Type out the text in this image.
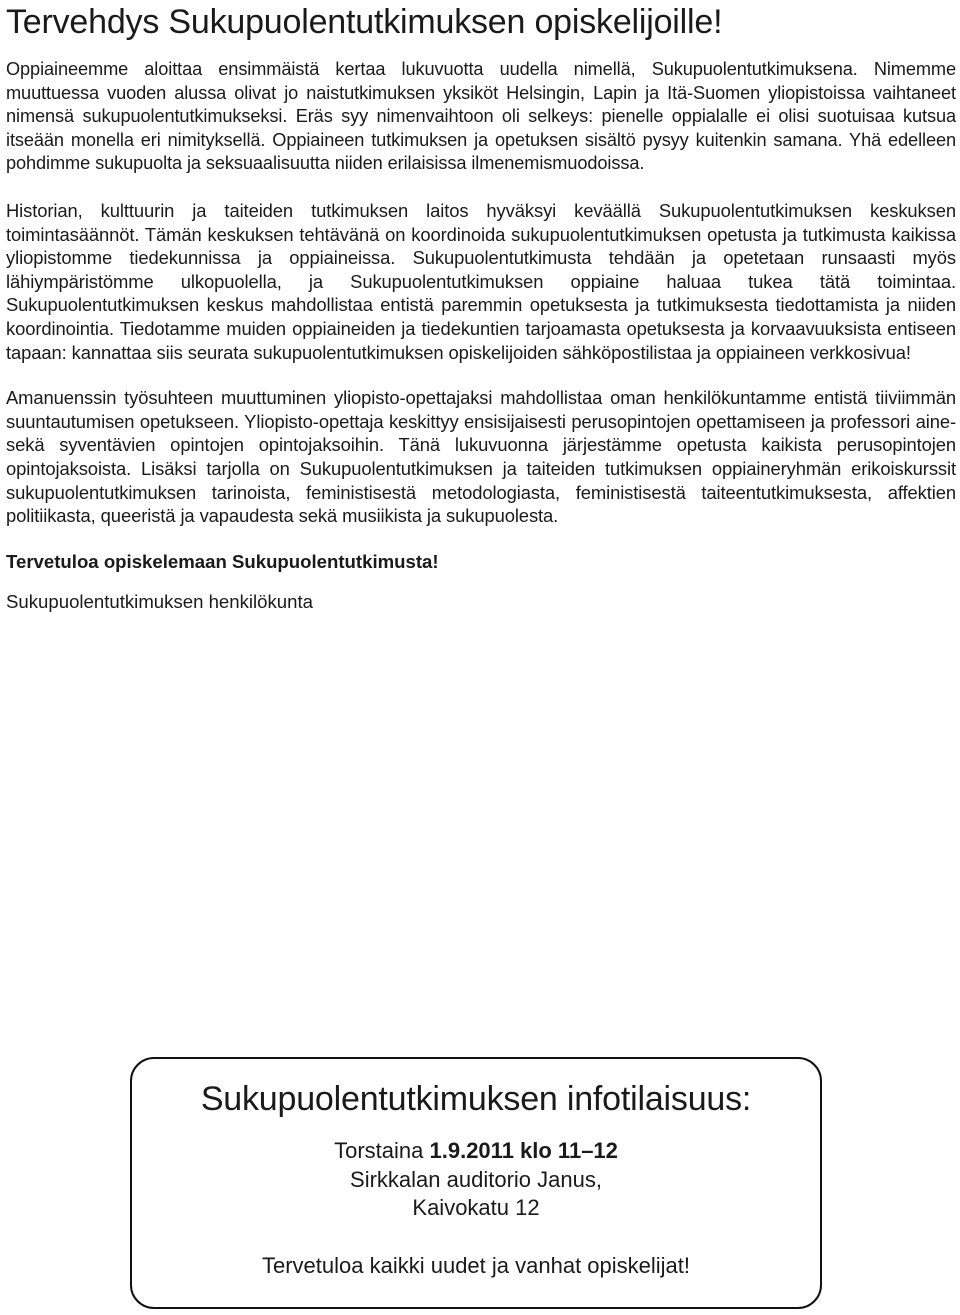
Tervehdys Sukupuolentutkimuksen opiskelijoille!

Oppiaineemme aloittaa ensimmäistä kertaa lukuvuotta uudella nimellä, Sukupuolentutkimuksena. Nimemme muuttuessa vuoden alussa olivat jo naistutkimuksen yksiköt Helsingin, Lapin ja Itä-Suomen yliopistoissa vaihtaneet nimensä sukupuolentutkimukseksi. Eräs syy nimenvaihtoon oli selkeys: pienelle oppialalle ei olisi suotuisaa kutsua itseään monella eri nimityksellä. Oppiaineen tutkimuksen ja opetuksen sisältö pysyy kuitenkin samana. Yhä edelleen pohdimme sukupuolta ja seksuaalisuutta niiden erilaisissa ilmenemismuodoissa.

Historian, kulttuurin ja taiteiden tutkimuksen laitos hyväksyi keväällä Sukupuolentutkimuksen keskuksen toimintasäännöt. Tämän keskuksen tehtävänä on koordinoida sukupuolentutkimuksen opetusta ja tutkimusta kaikissa yliopistomme tiedekunnissa ja oppiaineissa. Sukupuolentutkimusta tehdään ja opetetaan runsaasti myös lähiympäristömme ulkopuolella, ja Sukupuolentutkimuksen oppiaine haluaa tukea tätä toimintaa. Sukupuolentutkimuksen keskus mahdollistaa entistä paremmin opetuksesta ja tutkimuksesta tiedottamista ja niiden koordinointia. Tiedotamme muiden oppiaineiden ja tiedekuntien tarjoamasta opetuksesta ja korvaavuuksista entiseen tapaan: kannattaa siis seurata sukupuolentutkimuksen opiskelijoiden sähköpostilistaa ja oppiaineen verkkosivua!

Amanuenssin työsuhteen muuttuminen yliopisto-opettajaksi mahdollistaa oman henkilökuntamme entistä tiiviimmän suuntautumisen opetukseen. Yliopisto-opettaja keskittyy ensisijaisesti perusopintojen opettamiseen ja professori aine- sekä syventävien opintojen opintojaksoihin. Tänä lukuvuonna järjestämme opetusta kaikista perusopintojen opintojaksoista. Lisäksi tarjolla on Sukupuolentutkimuksen ja taiteiden tutkimuksen oppiaineryhmän erikoiskurssit sukupuolentutkimuksen tarinoista, feministisestä metodologiasta, feministisestä taiteentutkimuksesta, affektien politiikasta, queeristä ja vapaudesta sekä musiikista ja sukupuolesta.

Tervetuloa opiskelemaan Sukupuolentutkimusta!

Sukupuolentutkimuksen henkilökunta

Sukupuolentutkimuksen infotilaisuus:
Torstaina 1.9.2011 klo 11–12
Sirkkalan auditorio Janus,
Kaivokatu 12
Tervetuloa kaikki uudet ja vanhat opiskelijat!
